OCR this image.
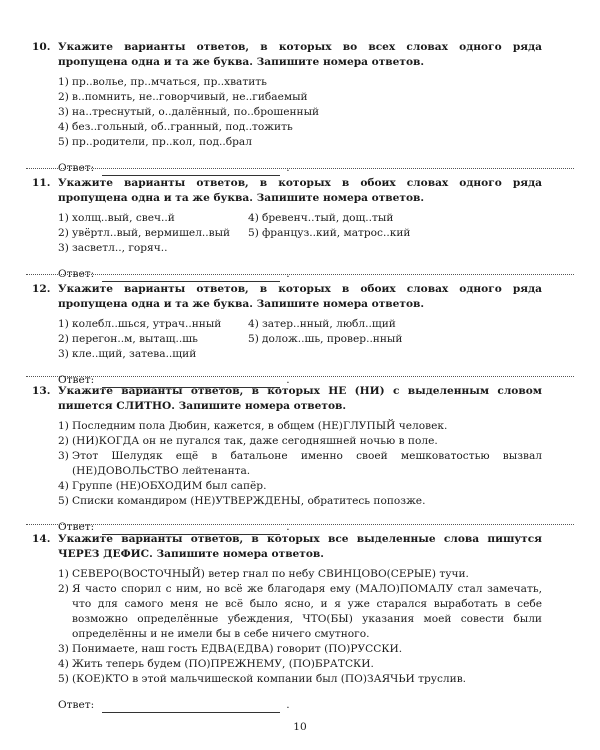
10. Укажите варианты ответов, в которых во всех словах одного ряда пропущена одна и та же буква. Запишите номера ответов.
1) пр..волье, пр..мчаться, пр..хватить
2) в..помнить, не..говорчивый, не..гибаемый
3) на..треснутый, о..далённый, по..брошенный
4) без..гольный, об..гранный, под..тожить
5) пр..родители, пр..кол, под..брал
Ответ:	.
11. Укажите варианты ответов, в которых в обоих словах одного ряда пропущена одна и та же буква. Запишите номера ответов.
1) холщ..вый, свеч..й	4) бревенч..тый, дощ..тый
2) увёртл..вый, вермишел..вый	5) француз..кий, матрос..кий
3) засветл.., горяч..
Ответ:	.
12. Укажите варианты ответов, в которых в обоих словах одного ряда пропущена одна и та же буква. Запишите номера ответов.
1) колебл..шься, утрач..нный	4) затер..нный, любл..щий
2) перегон..м, вытащ..шь	5) долож..шь, провер..нный
3) кле..щий, затева..щий
Ответ:	.
13. Укажите варианты ответов, в которых НЕ (НИ) с выделенным словом пишется СЛИТНО. Запишите номера ответов.
1) Последним пола Дюбин, кажется, в общем (НЕ)ГЛУПЫЙ человек.
2) (НИ)КОГДА он не пугался так, даже сегодняшней ночью в поле.
3) Этот Шелудяк ещё в батальоне именно своей мешковатостью вызвал (НЕ)ДОВОЛЬСТВО лейтенанта.
4) Группе (НЕ)ОБХОДИМ был сапёр.
5) Списки командиром (НЕ)УТВЕРЖДЕНЫ, обратитесь попозже.
Ответ:	.
14. Укажите варианты ответов, в которых все выделенные слова пишутся ЧЕРЕЗ ДЕФИС. Запишите номера ответов.
1) СЕВЕРО(ВОСТОЧНЫЙ) ветер гнал по небу СВИНЦОВО(СЕРЫЕ) тучи.
2) Я часто спорил с ним, но всё же благодаря ему (МАЛО)ПОМАЛУ стал замечать, что для самого меня не всё было ясно, и я уже старался выработать в себе возможно определённые убеждения, ЧТО(БЫ) указания моей совести были определённы и не имели бы в себе ничего смутного.
3) Понимаете, наш гость ЕДВА(ЕДВА) говорит (ПО)РУССКИ.
4) Жить теперь будем (ПО)ПРЕЖНЕМУ, (ПО)БРАТСКИ.
5) (КОЕ)КТО в этой мальчишеской компании был (ПО)ЗАЯЧЬИ труслив.
Ответ:	.
10
